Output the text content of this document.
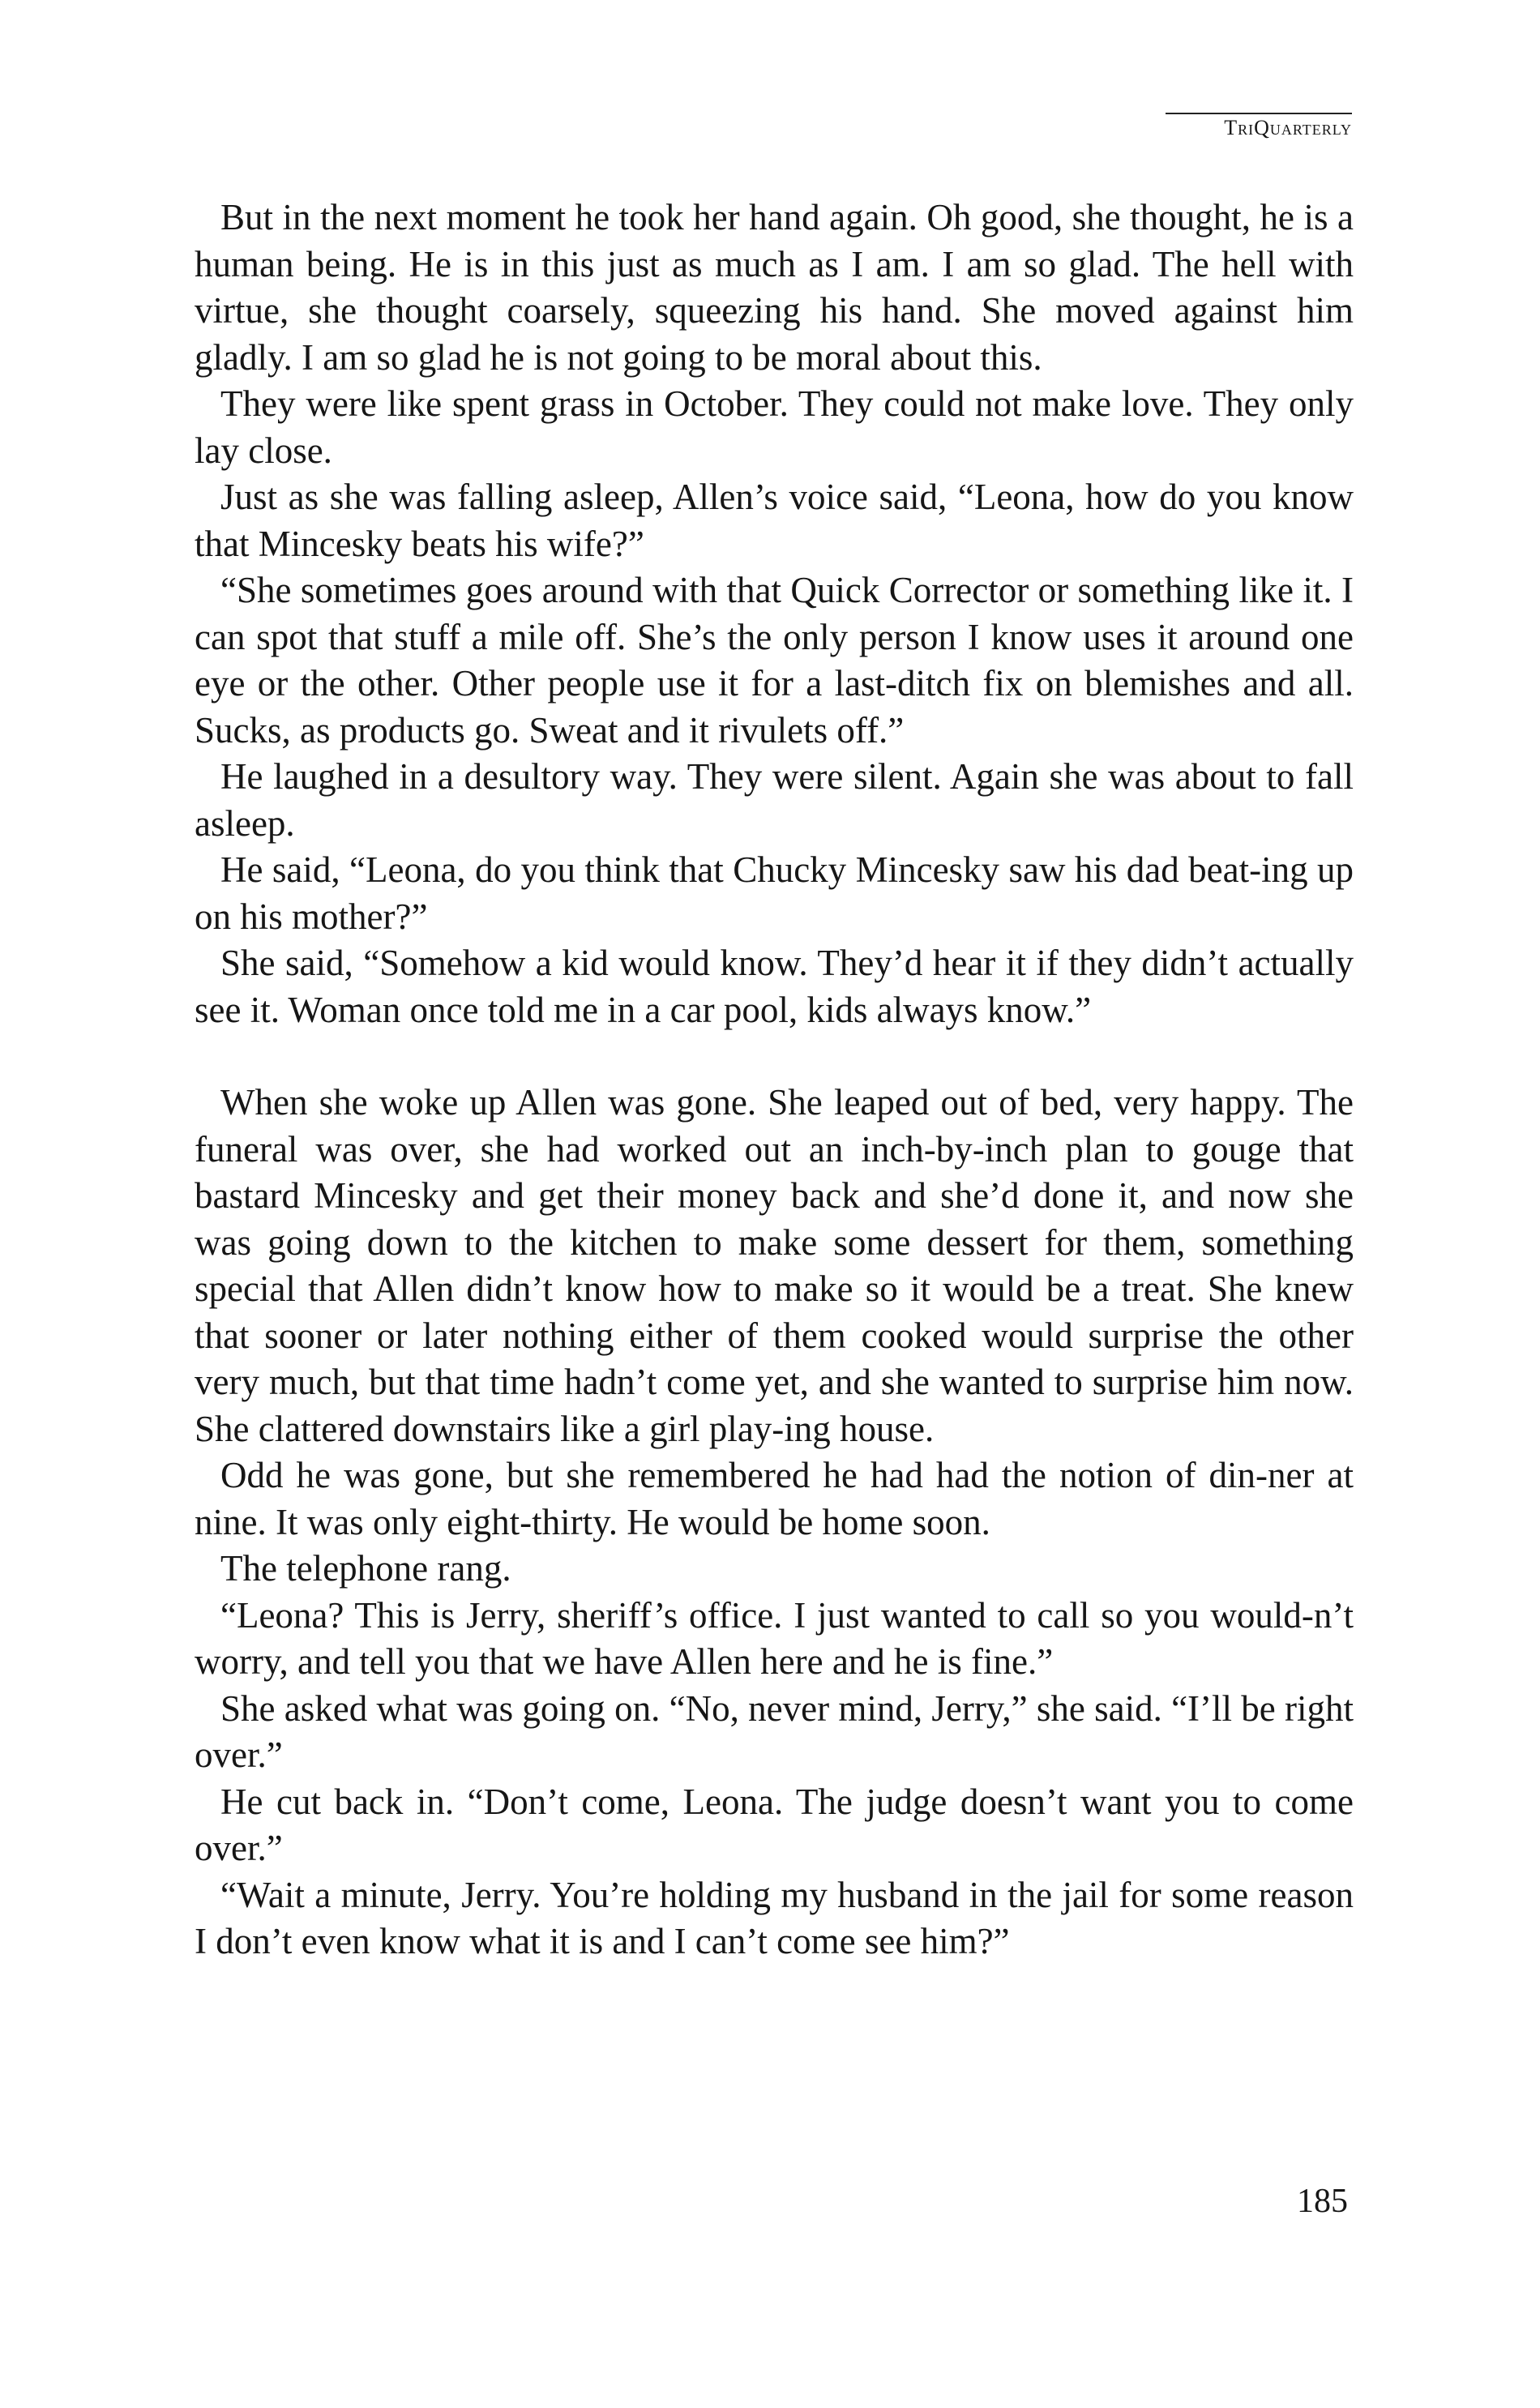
TriQuarterly

But in the next moment he took her hand again. Oh good, she thought, he is a human being. He is in this just as much as I am. I am so glad. The hell with virtue, she thought coarsely, squeezing his hand. She moved against him gladly. I am so glad he is not going to be moral about this.

They were like spent grass in October. They could not make love. They only lay close.

Just as she was falling asleep, Allen’s voice said, “Leona, how do you know that Mincesky beats his wife?”

“She sometimes goes around with that Quick Corrector or something like it. I can spot that stuff a mile off. She’s the only person I know uses it around one eye or the other. Other people use it for a last-ditch fix on blemishes and all. Sucks, as products go. Sweat and it rivulets off.”

He laughed in a desultory way. They were silent. Again she was about to fall asleep.

He said, “Leona, do you think that Chucky Mincesky saw his dad beat-ing up on his mother?”

She said, “Somehow a kid would know. They’d hear it if they didn’t actually see it. Woman once told me in a car pool, kids always know.”

When she woke up Allen was gone. She leaped out of bed, very happy. The funeral was over, she had worked out an inch-by-inch plan to gouge that bastard Mincesky and get their money back and she’d done it, and now she was going down to the kitchen to make some dessert for them, something special that Allen didn’t know how to make so it would be a treat. She knew that sooner or later nothing either of them cooked would surprise the other very much, but that time hadn’t come yet, and she wanted to surprise him now. She clattered downstairs like a girl play-ing house.

Odd he was gone, but she remembered he had had the notion of din-ner at nine. It was only eight-thirty. He would be home soon.

The telephone rang.

“Leona? This is Jerry, sheriff’s office. I just wanted to call so you would-n’t worry, and tell you that we have Allen here and he is fine.”

She asked what was going on. “No, never mind, Jerry,” she said. “I’ll be right over.”

He cut back in. “Don’t come, Leona. The judge doesn’t want you to come over.”

“Wait a minute, Jerry. You’re holding my husband in the jail for some reason I don’t even know what it is and I can’t come see him?”

185
